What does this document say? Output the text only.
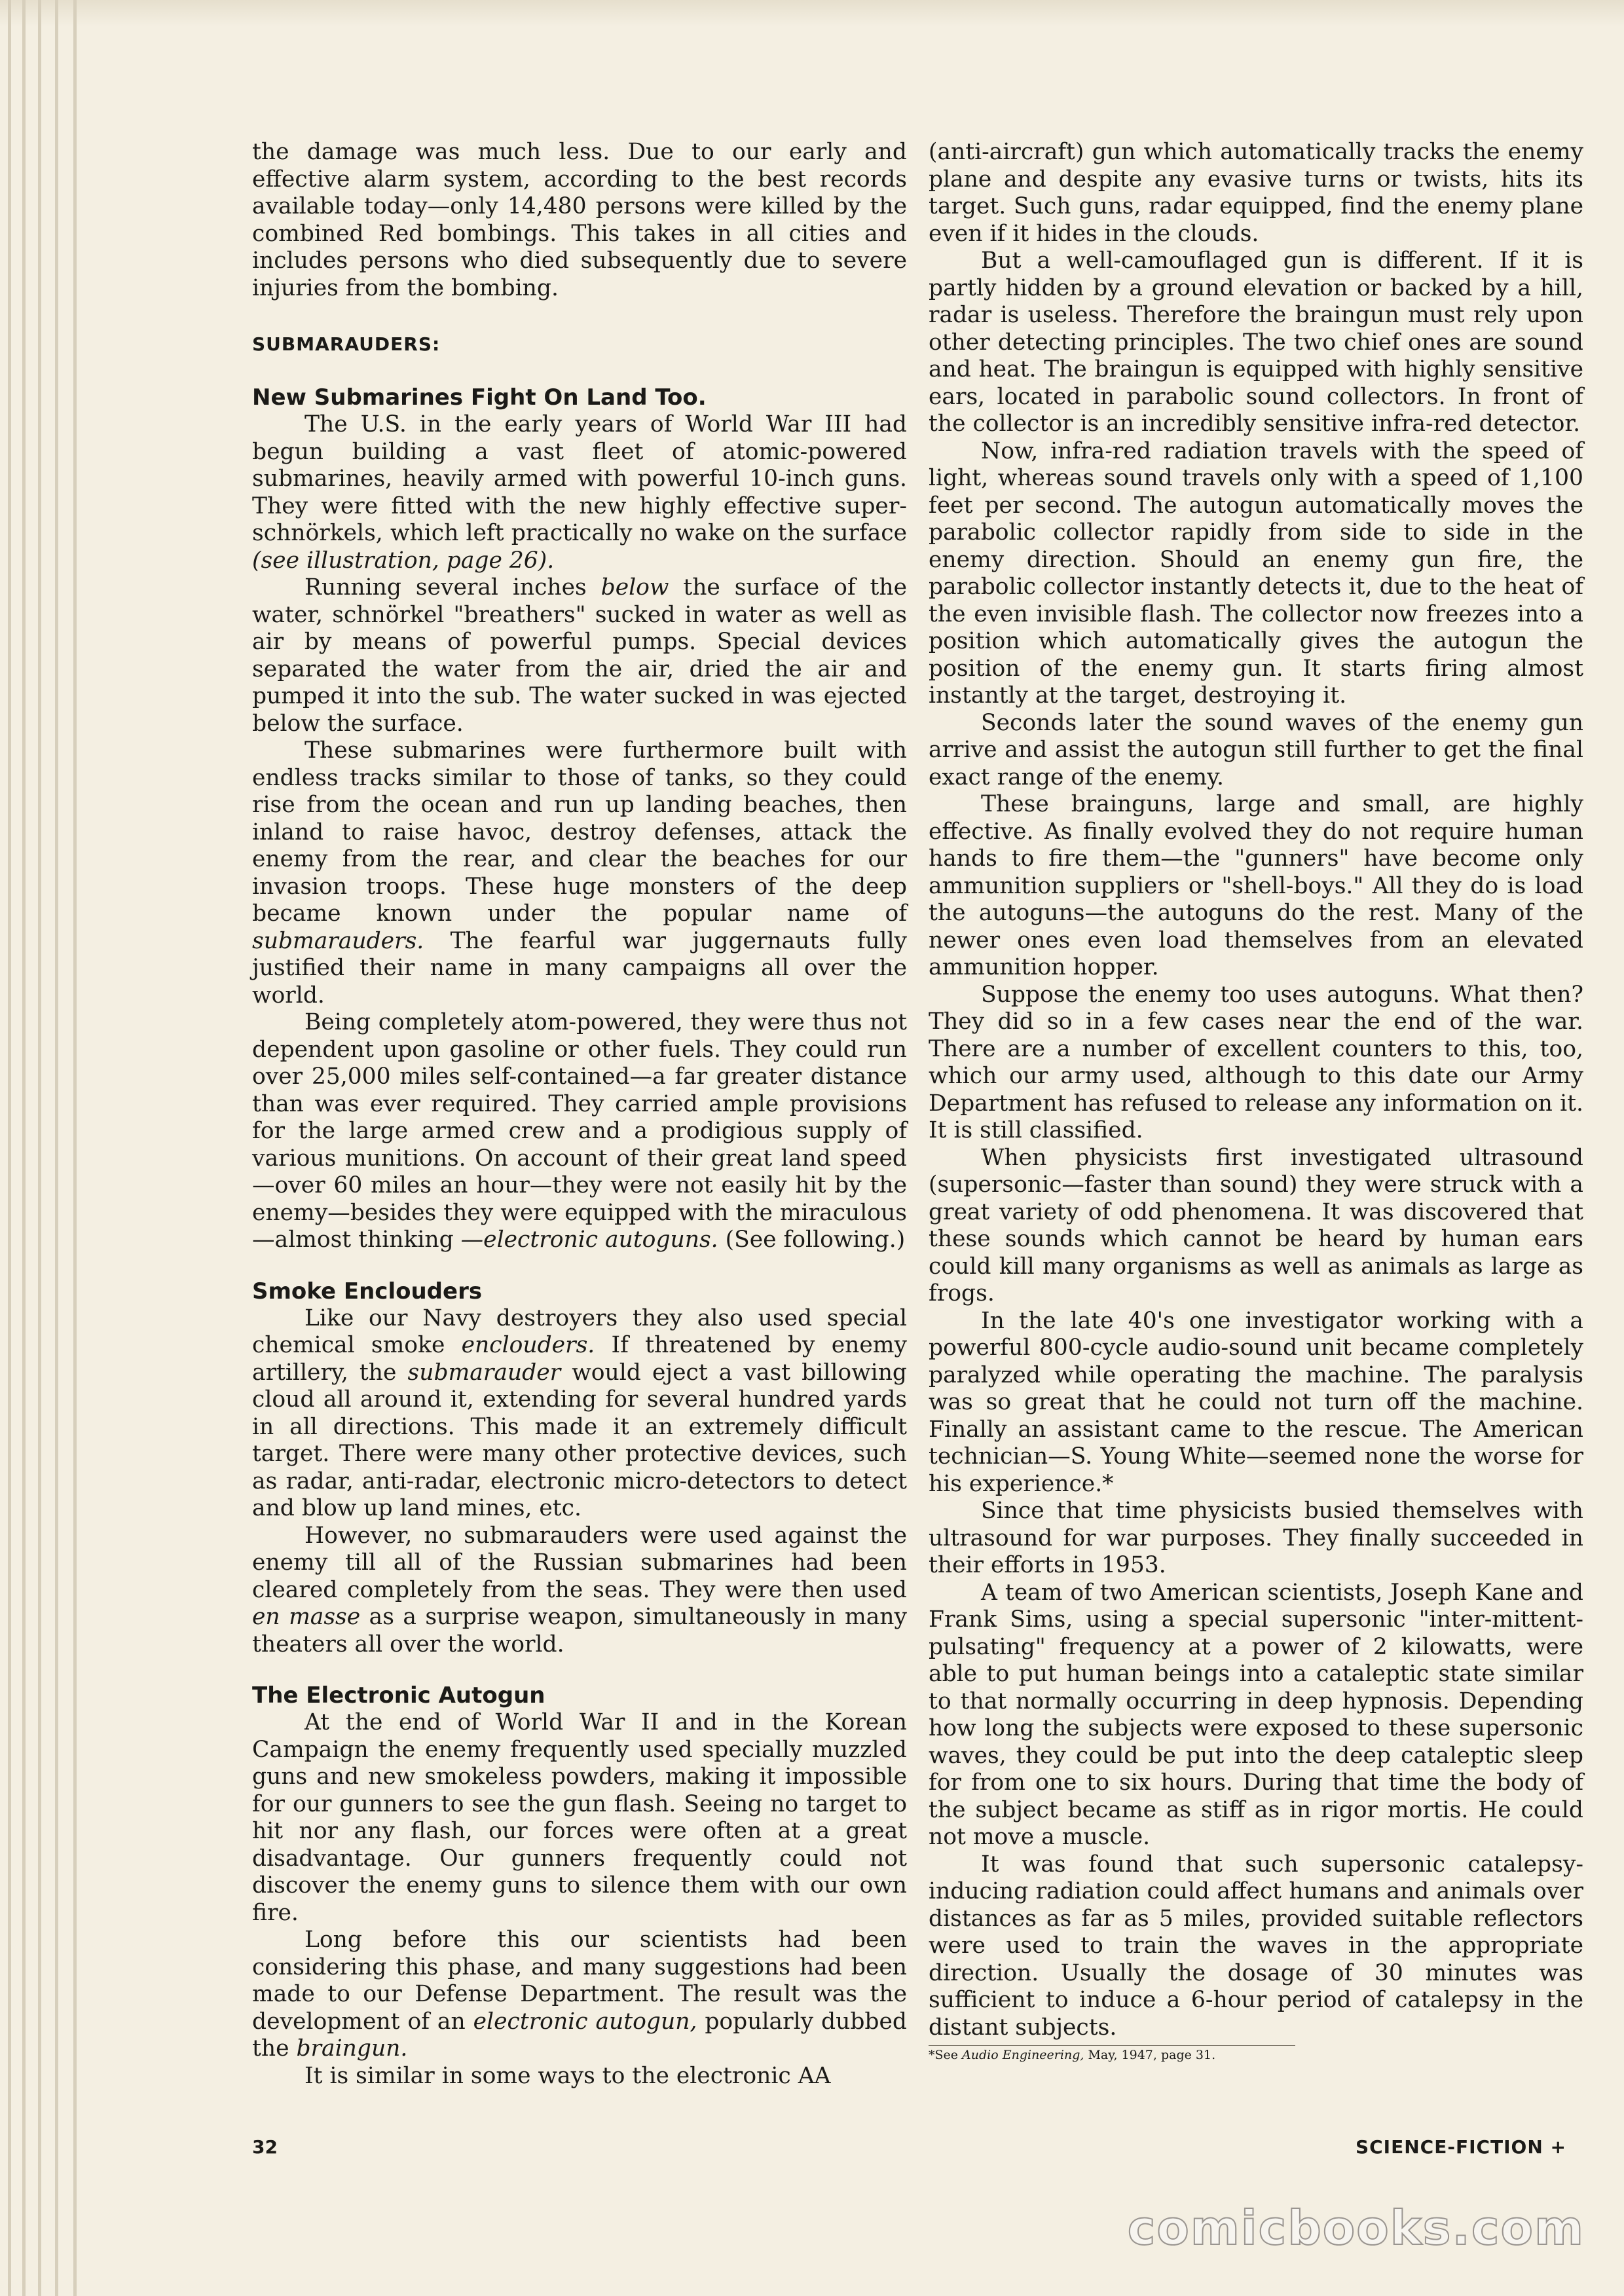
the damage was much less. Due to our early and effective alarm system, according to the best records available today—only 14,480 persons were killed by the combined Red bombings. This takes in all cities and includes persons who died subsequently due to severe injuries from the bombing.

SUBMARAUDERS:
New Submarines Fight On Land Too.

The U.S. in the early years of World War III had begun building a vast fleet of atomic-powered submarines, heavily armed with powerful 10-inch guns. They were fitted with the new highly effective super-schnörkels, which left practically no wake on the surface (see illustration, page 26).

Running several inches below the surface of the water, schnörkel "breathers" sucked in water as well as air by means of powerful pumps. Special devices separated the water from the air, dried the air and pumped it into the sub. The water sucked in was ejected below the surface.

These submarines were furthermore built with endless tracks similar to those of tanks, so they could rise from the ocean and run up landing beaches, then inland to raise havoc, destroy defenses, attack the enemy from the rear, and clear the beaches for our invasion troops. These huge monsters of the deep became known under the popular name of submarauders. The fearful war juggernauts fully justified their name in many campaigns all over the world.

Being completely atom-powered, they were thus not dependent upon gasoline or other fuels. They could run over 25,000 miles self-contained—a far greater distance than was ever required. They carried ample provisions for the large armed crew and a prodigious supply of various munitions. On account of their great land speed—over 60 miles an hour—they were not easily hit by the enemy—besides they were equipped with the miraculous—almost thinking —electronic autoguns. (See following.)

Smoke Enclouders

Like our Navy destroyers they also used special chemical smoke enclouders. If threatened by enemy artillery, the submarauder would eject a vast billowing cloud all around it, extending for several hundred yards in all directions. This made it an extremely difficult target. There were many other protective devices, such as radar, anti-radar, electronic micro-detectors to detect and blow up land mines, etc.

However, no submarauders were used against the enemy till all of the Russian submarines had been cleared completely from the seas. They were then used en masse as a surprise weapon, simultaneously in many theaters all over the world.

The Electronic Autogun

At the end of World War II and in the Korean Campaign the enemy frequently used specially muzzled guns and new smokeless powders, making it impossible for our gunners to see the gun flash. Seeing no target to hit nor any flash, our forces were often at a great disadvantage. Our gunners frequently could not discover the enemy guns to silence them with our own fire.

Long before this our scientists had been considering this phase, and many suggestions had been made to our Defense Department. The result was the development of an electronic autogun, popularly dubbed the braingun.

It is similar in some ways to the electronic AA

(anti-aircraft) gun which automatically tracks the enemy plane and despite any evasive turns or twists, hits its target. Such guns, radar equipped, find the enemy plane even if it hides in the clouds.

But a well-camouflaged gun is different. If it is partly hidden by a ground elevation or backed by a hill, radar is useless. Therefore the braingun must rely upon other detecting principles. The two chief ones are sound and heat. The braingun is equipped with highly sensitive ears, located in parabolic sound collectors. In front of the collector is an incredibly sensitive infra-red detector.

Now, infra-red radiation travels with the speed of light, whereas sound travels only with a speed of 1,100 feet per second. The autogun automatically moves the parabolic collector rapidly from side to side in the enemy direction. Should an enemy gun fire, the parabolic collector instantly detects it, due to the heat of the even invisible flash. The collector now freezes into a position which automatically gives the autogun the position of the enemy gun. It starts firing almost instantly at the target, destroying it.

Seconds later the sound waves of the enemy gun arrive and assist the autogun still further to get the final exact range of the enemy.

These brainguns, large and small, are highly effective. As finally evolved they do not require human hands to fire them—the "gunners" have become only ammunition suppliers or "shell-boys." All they do is load the autoguns—the autoguns do the rest. Many of the newer ones even load themselves from an elevated ammunition hopper.

Suppose the enemy too uses autoguns. What then? They did so in a few cases near the end of the war. There are a number of excellent counters to this, too, which our army used, although to this date our Army Department has refused to release any information on it. It is still classified.

When physicists first investigated ultrasound (supersonic—faster than sound) they were struck with a great variety of odd phenomena. It was discovered that these sounds which cannot be heard by human ears could kill many organisms as well as animals as large as frogs.

In the late 40's one investigator working with a powerful 800-cycle audio-sound unit became completely paralyzed while operating the machine. The paralysis was so great that he could not turn off the machine. Finally an assistant came to the rescue. The American technician—S. Young White—seemed none the worse for his experience.*

Since that time physicists busied themselves with ultrasound for war purposes. They finally succeeded in their efforts in 1953.

A team of two American scientists, Joseph Kane and Frank Sims, using a special supersonic "inter-mittent-pulsating" frequency at a power of 2 kilowatts, were able to put human beings into a cataleptic state similar to that normally occurring in deep hypnosis. Depending how long the subjects were exposed to these supersonic waves, they could be put into the deep cataleptic sleep for from one to six hours. During that time the body of the subject became as stiff as in rigor mortis. He could not move a muscle.

It was found that such supersonic catalepsy-inducing radiation could affect humans and animals over distances as far as 5 miles, provided suitable reflectors were used to train the waves in the appropriate direction. Usually the dosage of 30 minutes was sufficient to induce a 6-hour period of catalepsy in the distant subjects.

*See Audio Engineering, May, 1947, page 31.
32	SCIENCE-FICTION +
comicbooks.com
